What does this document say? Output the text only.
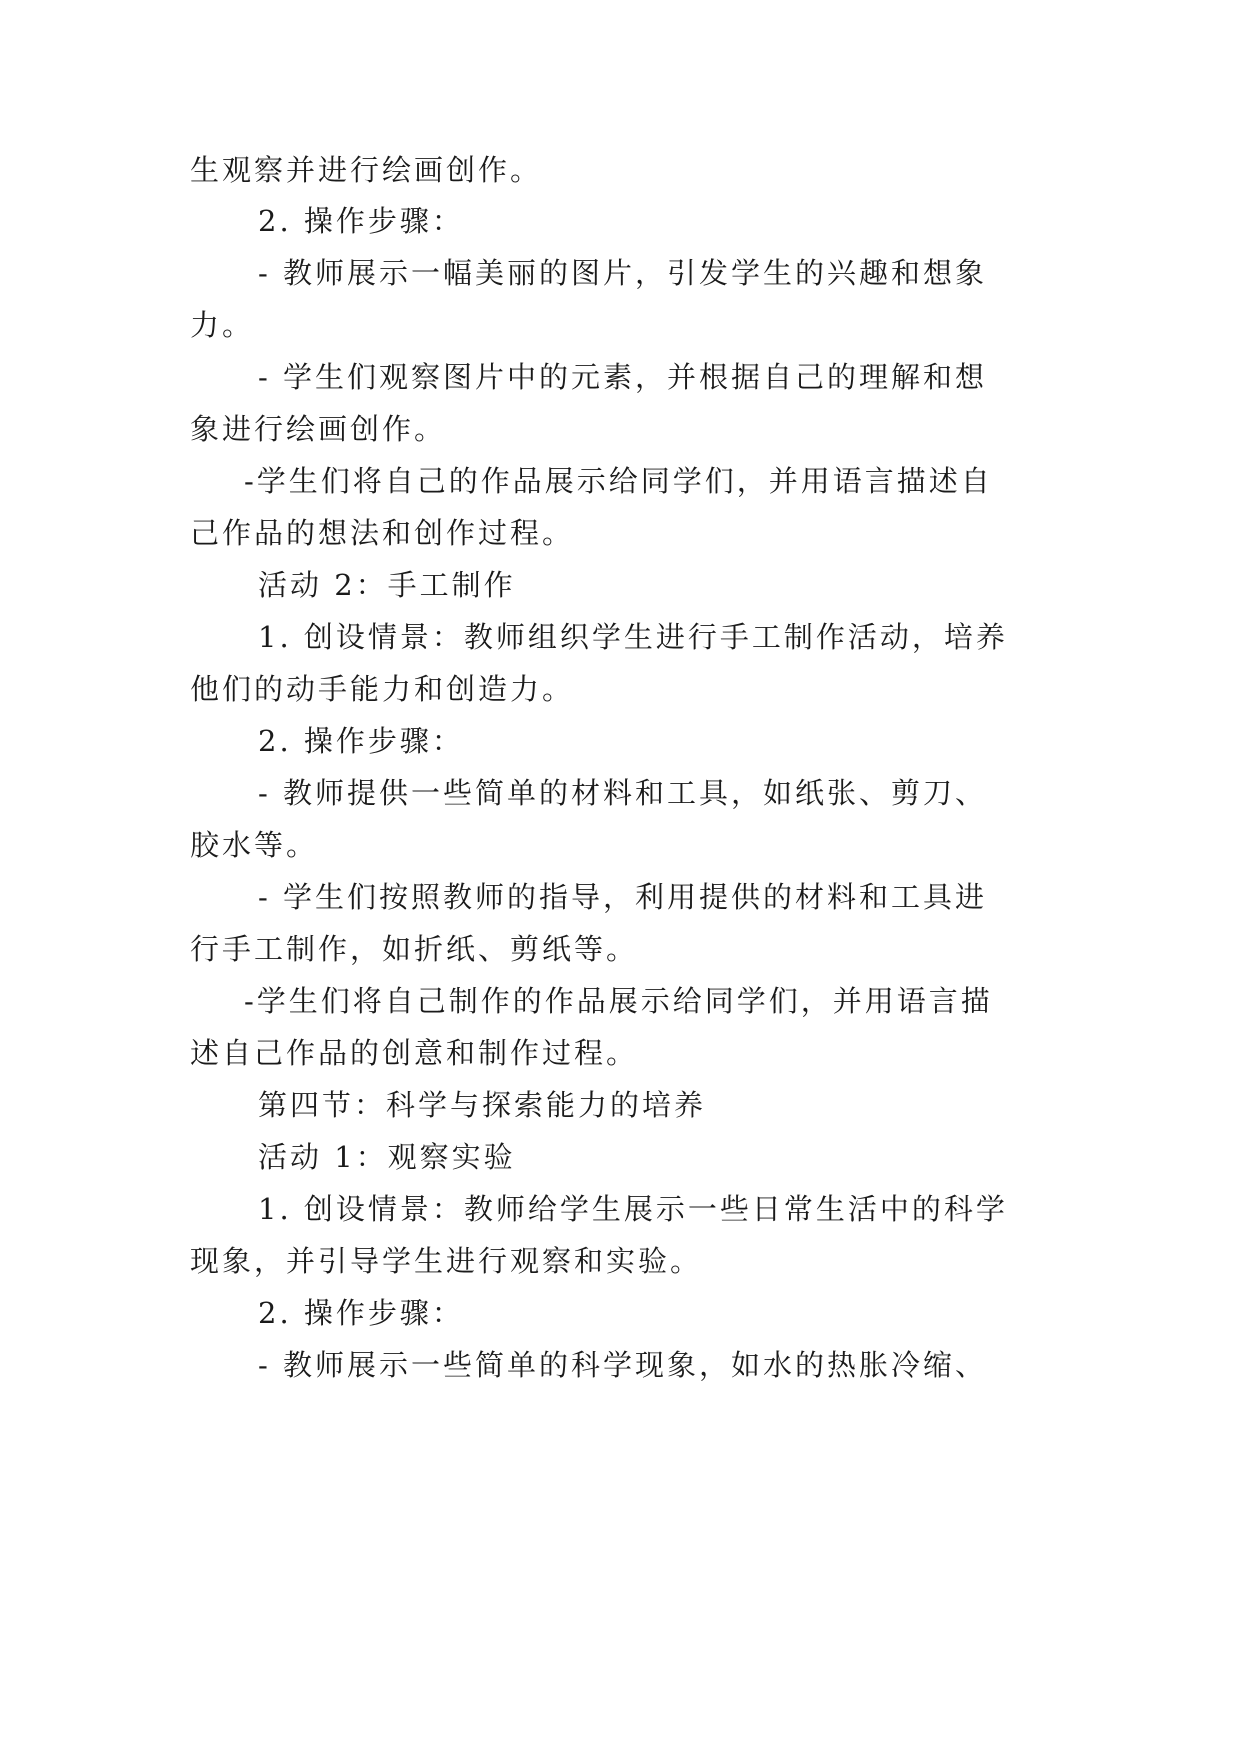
生观察并进行绘画创作。
2. 操作步骤：
- 教师展示一幅美丽的图片，引发学生的兴趣和想象
力。
- 学生们观察图片中的元素，并根据自己的理解和想
象进行绘画创作。
-学生们将自己的作品展示给同学们，并用语言描述自
己作品的想法和创作过程。
活动 2：手工制作
1. 创设情景：教师组织学生进行手工制作活动，培养
他们的动手能力和创造力。
2. 操作步骤：
- 教师提供一些简单的材料和工具，如纸张、剪刀、
胶水等。
- 学生们按照教师的指导，利用提供的材料和工具进
行手工制作，如折纸、剪纸等。
-学生们将自己制作的作品展示给同学们，并用语言描
述自己作品的创意和制作过程。
第四节：科学与探索能力的培养
活动 1：观察实验
1. 创设情景：教师给学生展示一些日常生活中的科学
现象，并引导学生进行观察和实验。
2. 操作步骤：
- 教师展示一些简单的科学现象，如水的热胀冷缩、
